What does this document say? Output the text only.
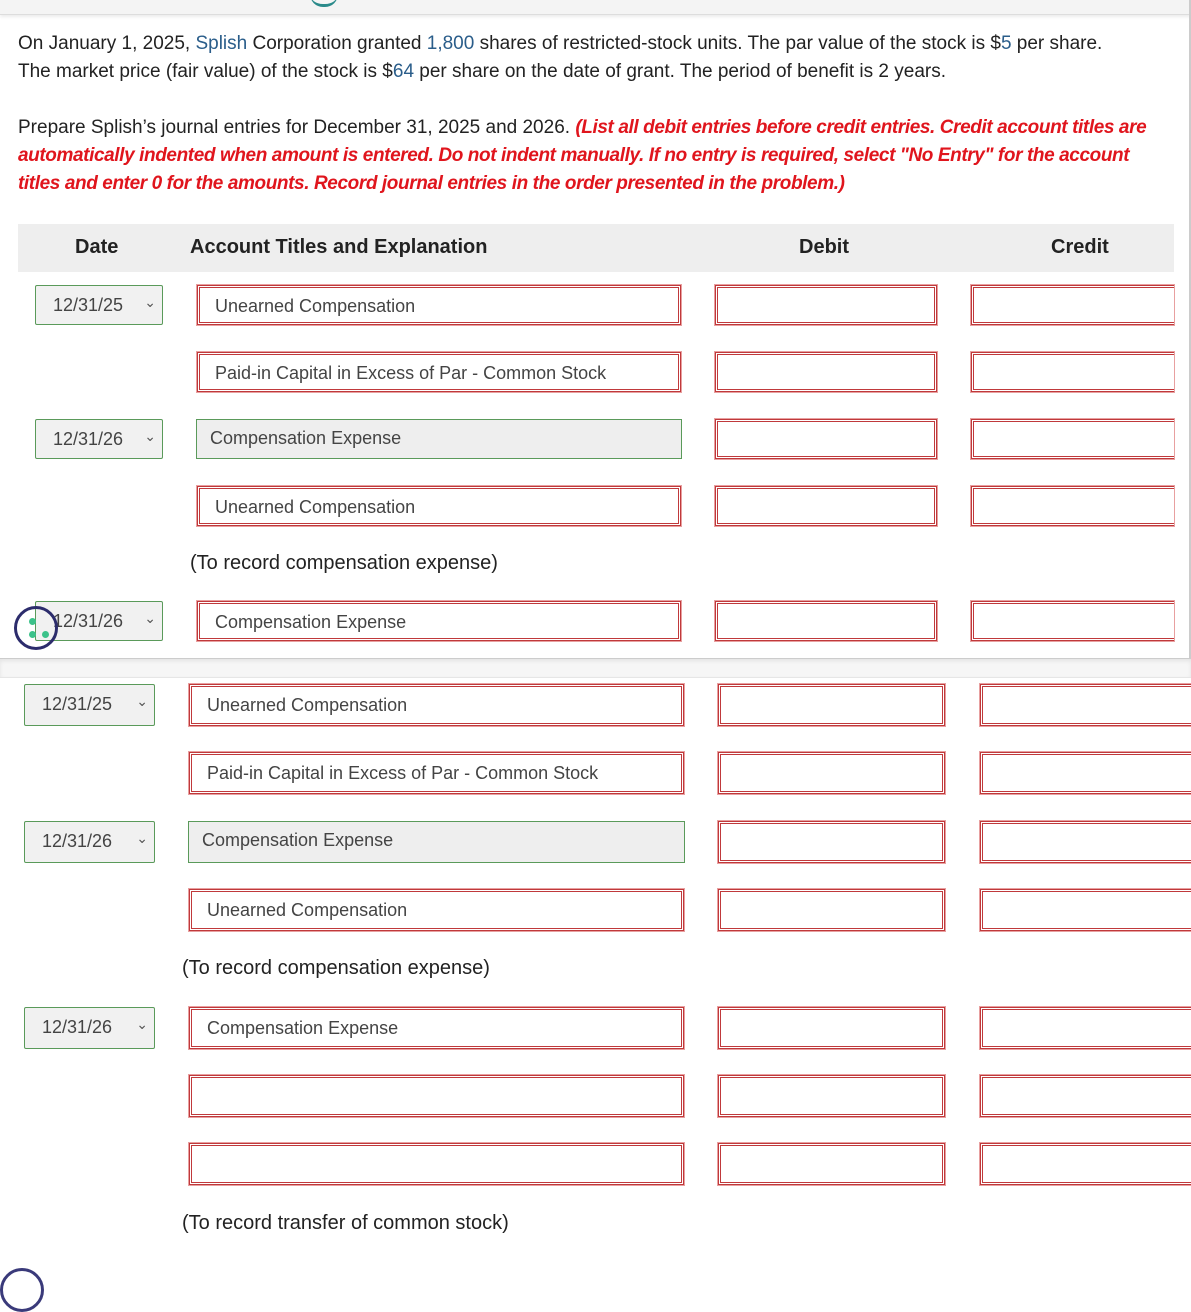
On January 1, 2025, Splish Corporation granted 1,800 shares of restricted-stock units. The par value of the stock is $5 per share.
The market price (fair value) of the stock is $64 per share on the date of grant. The period of benefit is 2 years.
Prepare Splish’s journal entries for December 31, 2025 and 2026. (List all debit entries before credit entries. Credit account titles are automatically indented when amount is entered. Do not indent manually. If no entry is required, select "No Entry" for the account titles and enter 0 for the amounts. Record journal entries in the order presented in the problem.)
Date	Account Titles and Explanation	Debit	Credit
12/31/25 ⌄	Unearned Compensation
Paid-in Capital in Excess of Par - Common Stock
12/31/26 ⌄	Compensation Expense
Unearned Compensation
(To record compensation expense)
12/31/26 ⌄	Compensation Expense
12/31/25 ⌄	Unearned Compensation
Paid-in Capital in Excess of Par - Common Stock
12/31/26 ⌄	Compensation Expense
Unearned Compensation
(To record compensation expense)
12/31/26 ⌄	Compensation Expense
(To record transfer of common stock)
